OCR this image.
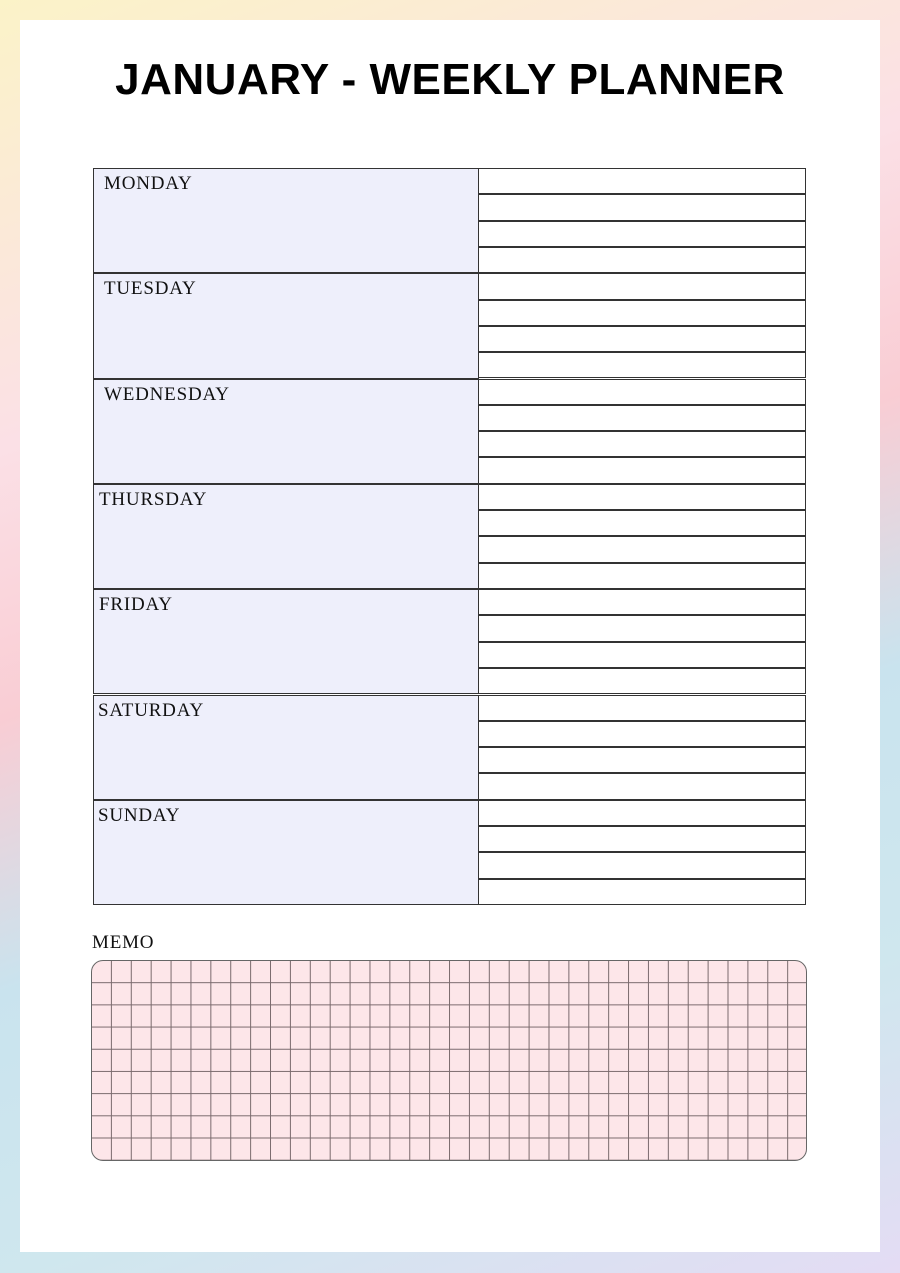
JANUARY - WEEKLY PLANNER
MONDAY
TUESDAY
WEDNESDAY
THURSDAY
FRIDAY
SATURDAY
SUNDAY
MEMO
